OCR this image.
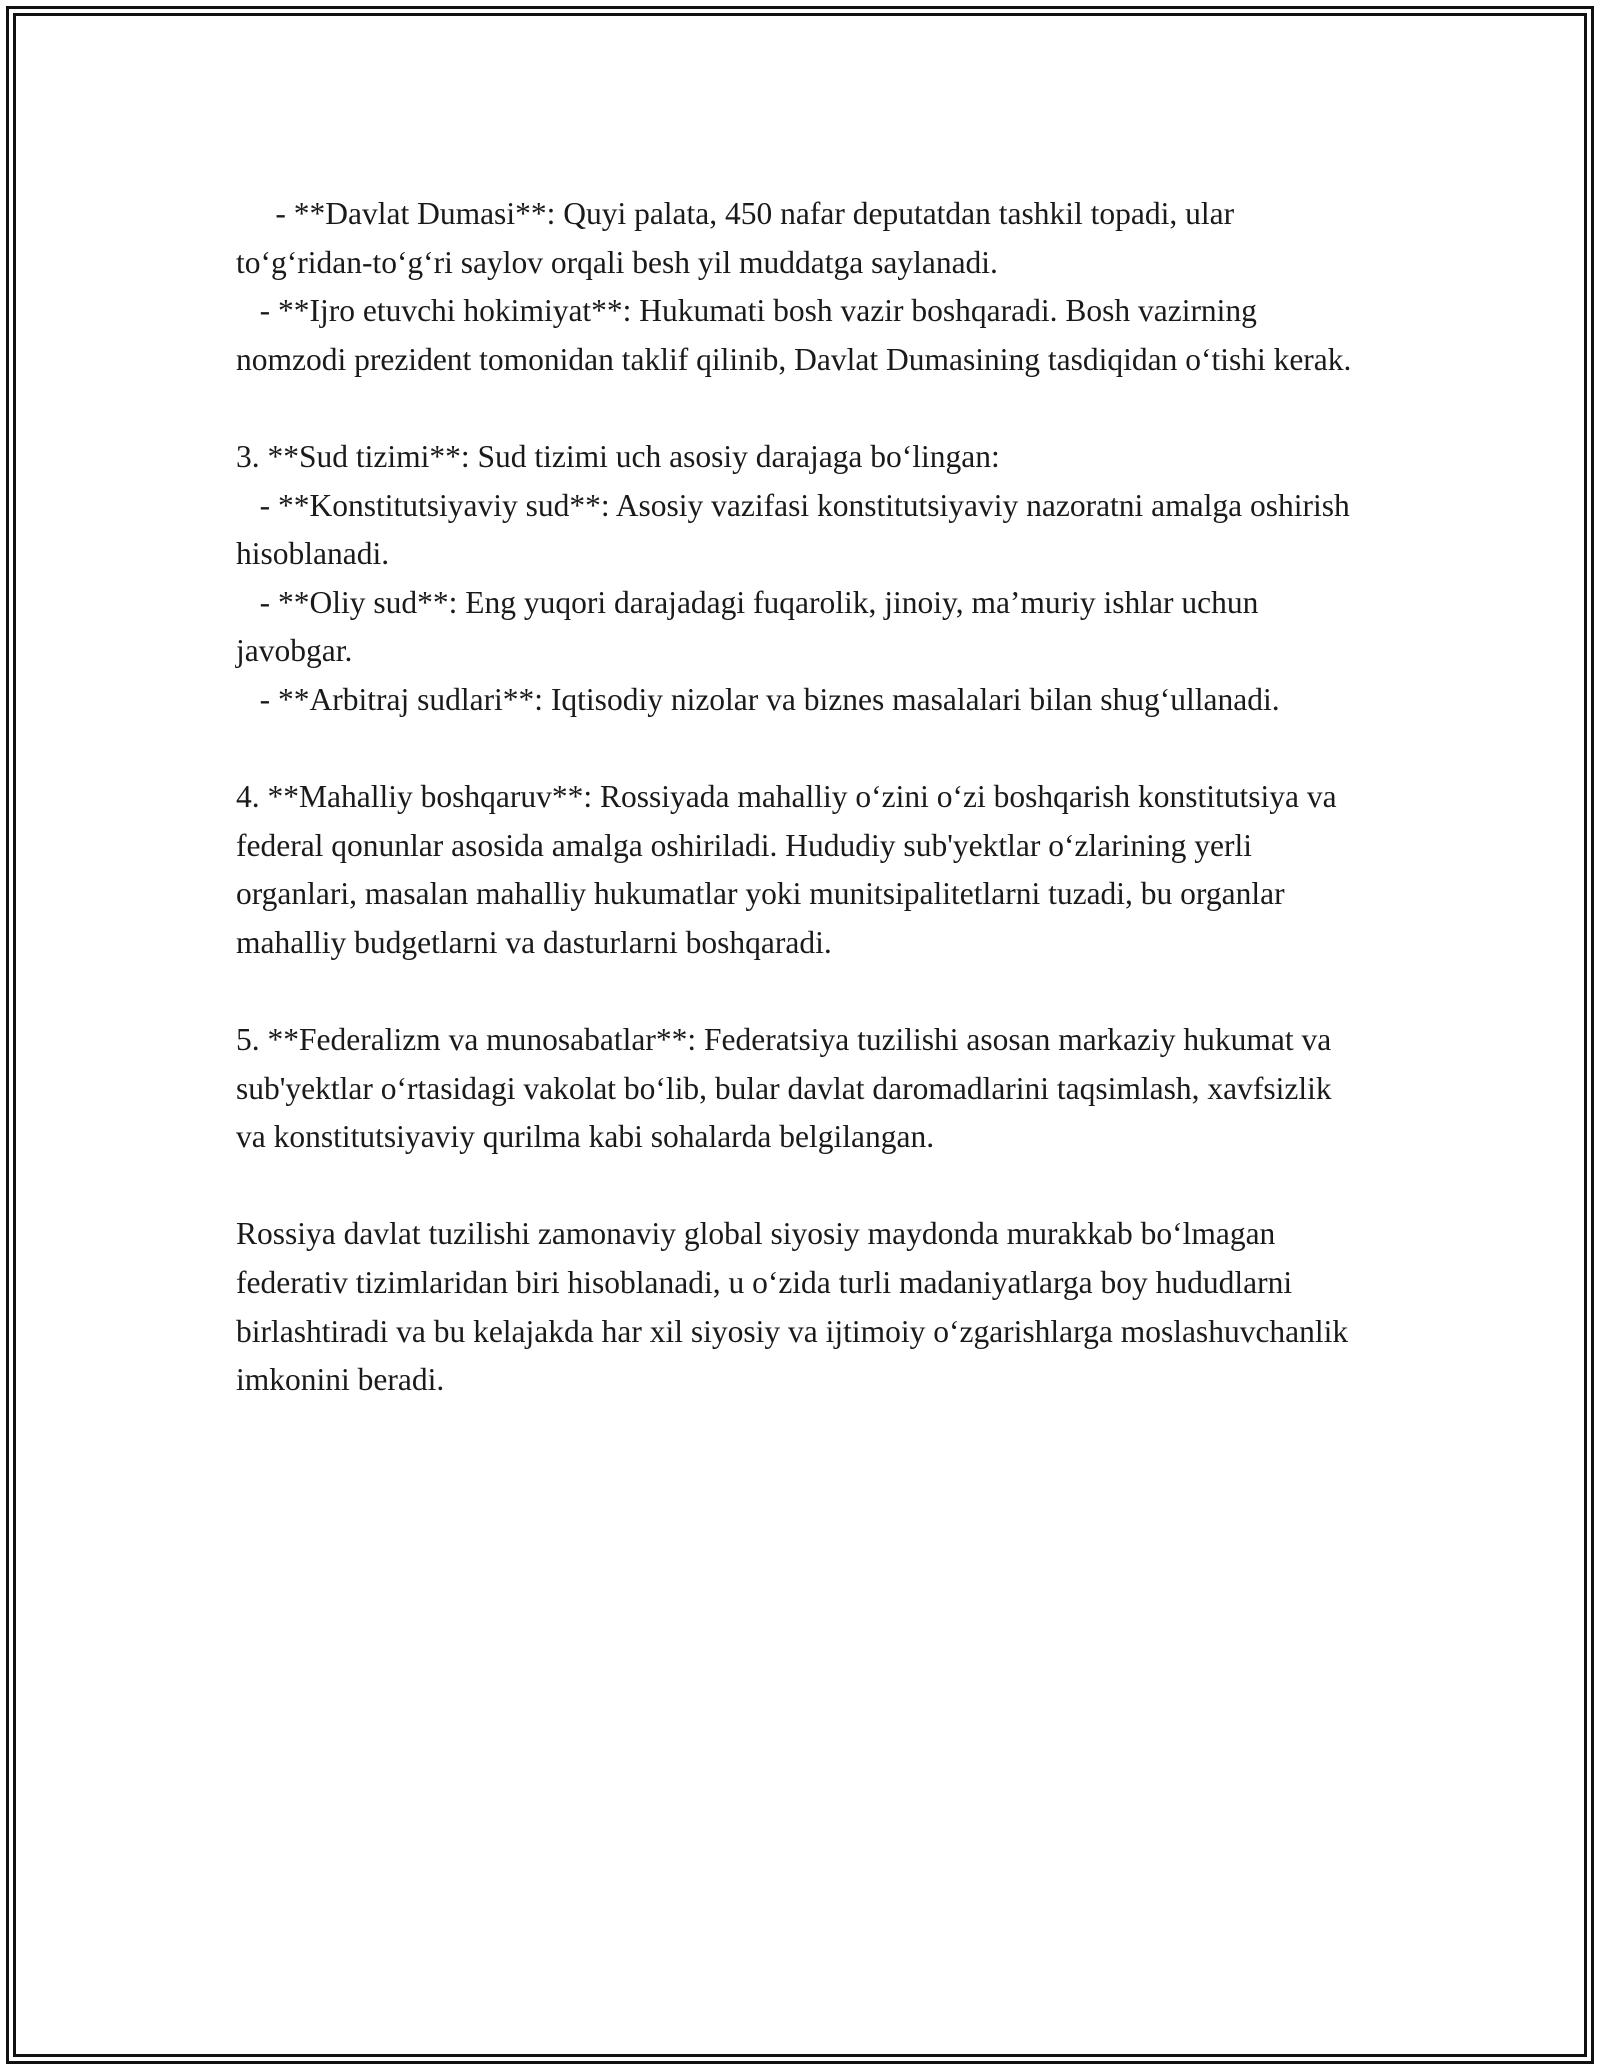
- **Davlat Dumasi**: Quyi palata, 450 nafar deputatdan tashkil topadi, ular to‘g‘ridan-to‘g‘ri saylov orqali besh yil muddatga saylanadi.

- **Ijro etuvchi hokimiyat**: Hukumati bosh vazir boshqaradi. Bosh vazirning nomzodi prezident tomonidan taklif qilinib, Davlat Dumasining tasdiqidan o‘tishi kerak.

3. **Sud tizimi**: Sud tizimi uch asosiy darajaga bo‘lingan:

- **Konstitutsiyaviy sud**: Asosiy vazifasi konstitutsiyaviy nazoratni amalga oshirish hisoblanadi.

- **Oliy sud**: Eng yuqori darajadagi fuqarolik, jinoiy, ma’muriy ishlar uchun javobgar.

- **Arbitraj sudlari**: Iqtisodiy nizolar va biznes masalalari bilan shug‘ullanadi.

4. **Mahalliy boshqaruv**: Rossiyada mahalliy o‘zini o‘zi boshqarish konstitutsiya va federal qonunlar asosida amalga oshiriladi. Hududiy sub'yektlar o‘zlarining yerli organlari, masalan mahalliy hukumatlar yoki munitsipalitetlarni tuzadi, bu organlar mahalliy budgetlarni va dasturlarni boshqaradi.

5. **Federalizm va munosabatlar**: Federatsiya tuzilishi asosan markaziy hukumat va sub'yektlar o‘rtasidagi vakolat bo‘lib, bular davlat daromadlarini taqsimlash, xavfsizlik va konstitutsiyaviy qurilma kabi sohalarda belgilangan.

Rossiya davlat tuzilishi zamonaviy global siyosiy maydonda murakkab bo‘lmagan federativ tizimlaridan biri hisoblanadi, u o‘zida turli madaniyatlarga boy hududlarni birlashtiradi va bu kelajakda har xil siyosiy va ijtimoiy o‘zgarishlarga moslashuvchanlik imkonini beradi.
